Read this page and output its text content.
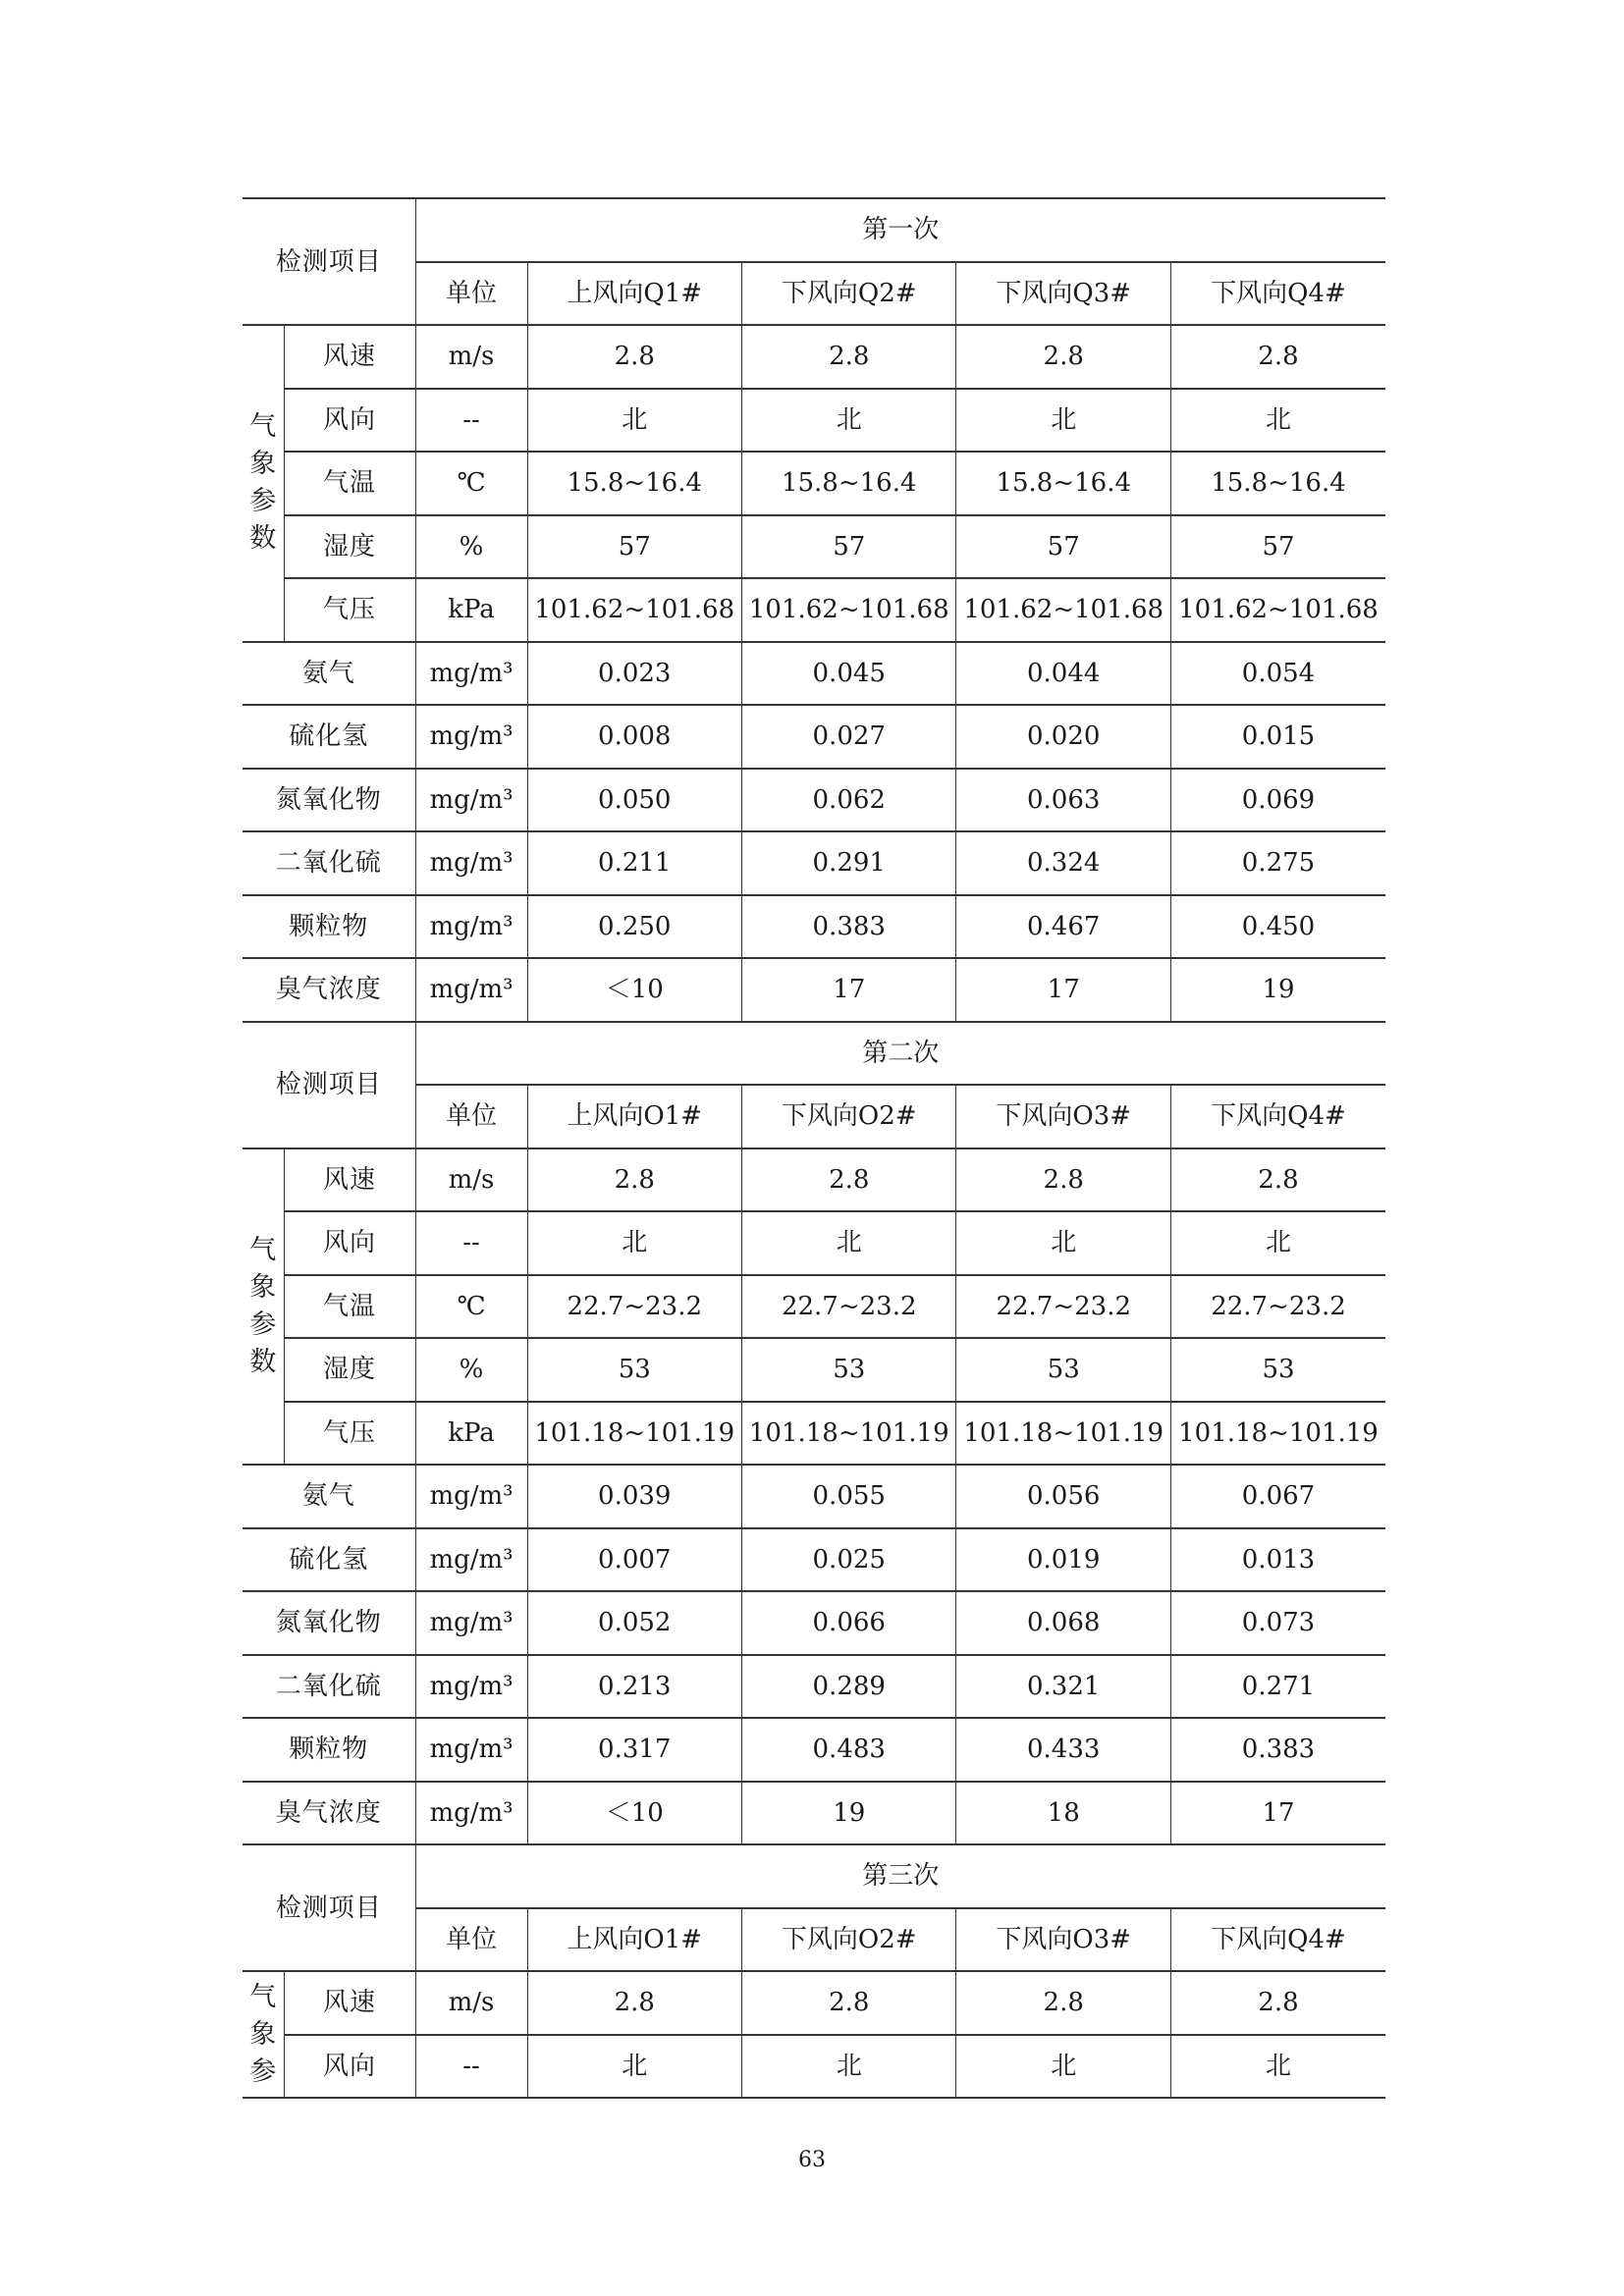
检测项目		第一次				
		单位	上风向Q1#	下风向Q2#	下风向Q3#	下风向Q4#
气象参数	风速	m/s	2.8	2.8	2.8	2.8
	风向	--	北	北	北	北
	气温	℃	15.8~16.4	15.8~16.4	15.8~16.4	15.8~16.4
	湿度	%	57	57	57	57
	气压	kPa	101.62~101.68	101.62~101.68	101.62~101.68	101.62~101.68
氨气		mg/m³	0.023	0.045	0.044	0.054
硫化氢		mg/m³	0.008	0.027	0.020	0.015
氮氧化物		mg/m³	0.050	0.062	0.063	0.069
二氧化硫		mg/m³	0.211	0.291	0.324	0.275
颗粒物		mg/m³	0.250	0.383	0.467	0.450
臭气浓度		mg/m³	＜10	17	17	19
检测项目		第二次				
		单位	上风向O1#	下风向O2#	下风向O3#	下风向Q4#
气象参数	风速	m/s	2.8	2.8	2.8	2.8
	风向	--	北	北	北	北
	气温	℃	22.7~23.2	22.7~23.2	22.7~23.2	22.7~23.2
	湿度	%	53	53	53	53
	气压	kPa	101.18~101.19	101.18~101.19	101.18~101.19	101.18~101.19
氨气		mg/m³	0.039	0.055	0.056	0.067
硫化氢		mg/m³	0.007	0.025	0.019	0.013
氮氧化物		mg/m³	0.052	0.066	0.068	0.073
二氧化硫		mg/m³	0.213	0.289	0.321	0.271
颗粒物		mg/m³	0.317	0.483	0.433	0.383
臭气浓度		mg/m³	＜10	19	18	17
检测项目		第三次				
		单位	上风向O1#	下风向O2#	下风向O3#	下风向Q4#
气象参	风速	m/s	2.8	2.8	2.8	2.8
	风向	--	北	北	北	北
63
